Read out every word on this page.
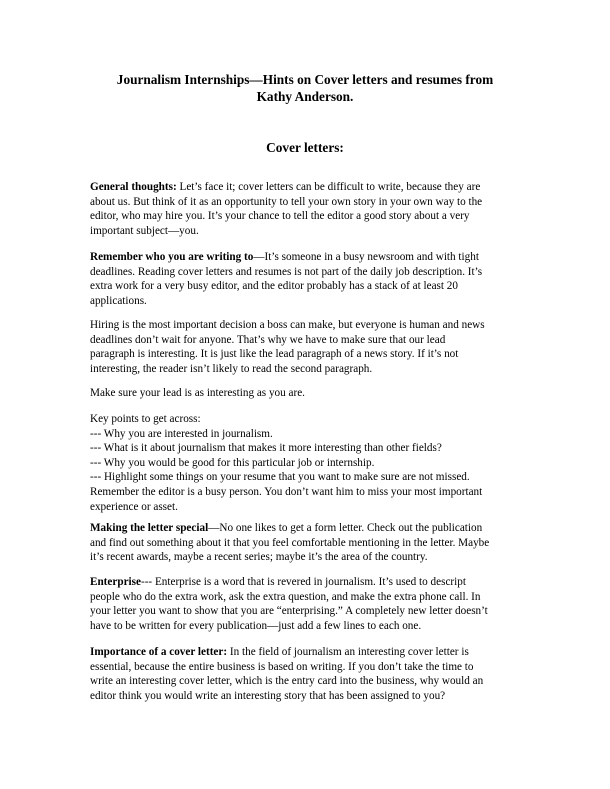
Journalism Internships—Hints on Cover letters and resumes from
Kathy Anderson.
Cover letters:
General thoughts: Let’s face it; cover letters can be difficult to write, because they are
about us. But think of it as an opportunity to tell your own story in your own way to the
editor, who may hire you. It’s your chance to tell the editor a good story about a very
important subject—you.
Remember who you are writing to—It’s someone in a busy newsroom and with tight
deadlines. Reading cover letters and resumes is not part of the daily job description. It’s
extra work for a very busy editor, and the editor probably has a stack of at least 20
applications.
Hiring is the most important decision a boss can make, but everyone is human and news
deadlines don’t wait for anyone. That’s why we have to make sure that our lead
paragraph is interesting. It is just like the lead paragraph of a news story. If it’s not
interesting, the reader isn’t likely to read the second paragraph.
Make sure your lead is as interesting as you are.
Key points to get across:
--- Why you are interested in journalism.
--- What is it about journalism that makes it more interesting than other fields?
--- Why you would be good for this particular job or internship.
--- Highlight some things on your resume that you want to make sure are not missed.
Remember the editor is a busy person. You don’t want him to miss your most important
experience or asset.
Making the letter special—No one likes to get a form letter. Check out the publication
and find out something about it that you feel comfortable mentioning in the letter. Maybe
it’s recent awards, maybe a recent series; maybe it’s the area of the country.
Enterprise--- Enterprise is a word that is revered in journalism. It’s used to descript
people who do the extra work, ask the extra question, and make the extra phone call. In
your letter you want to show that you are “enterprising.” A completely new letter doesn’t
have to be written for every publication—just add a few lines to each one.
Importance of a cover letter: In the field of journalism an interesting cover letter is
essential, because the entire business is based on writing. If you don’t take the time to
write an interesting cover letter, which is the entry card into the business, why would an
editor think you would write an interesting story that has been assigned to you?
